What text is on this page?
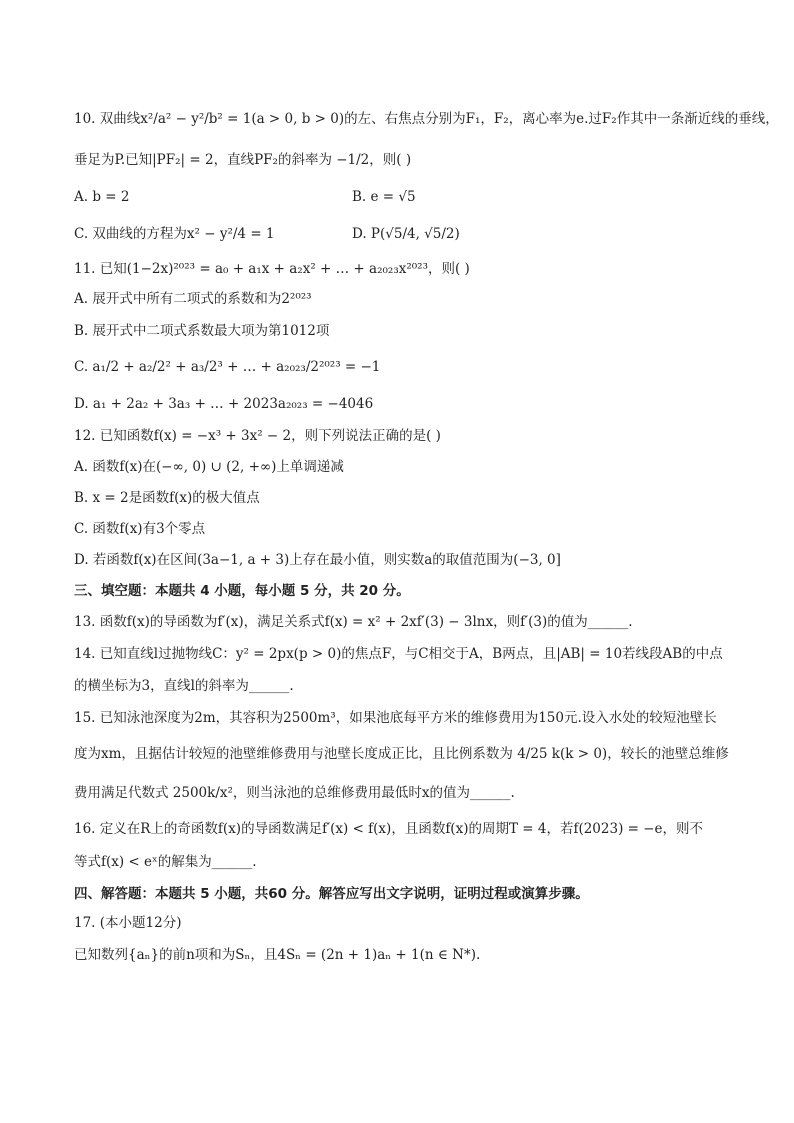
10. 双曲线x²/a² − y²/b² = 1(a > 0, b > 0)的左、右焦点分别为F₁，F₂，离心率为e.过F₂作其中一条渐近线的垂线，
垂足为P.已知|PF₂| = 2，直线PF₂的斜率为 −1/2，则( )
A. b = 2	B. e = √5
C. 双曲线的方程为x² − y²/4 = 1	D. P(√5/4, √5/2)
11. 已知(1−2x)²⁰²³ = a₀ + a₁x + a₂x² + … + a₂₀₂₃x²⁰²³，则( )
A. 展开式中所有二项式的系数和为2²⁰²³
B. 展开式中二项式系数最大项为第1012项
C. a₁/2 + a₂/2² + a₃/2³ + … + a₂₀₂₃/2²⁰²³ = −1
D. a₁ + 2a₂ + 3a₃ + … + 2023a₂₀₂₃ = −4046
12. 已知函数f(x) = −x³ + 3x² − 2，则下列说法正确的是( )
A. 函数f(x)在(−∞, 0) ∪ (2, +∞)上单调递减
B. x = 2是函数f(x)的极大值点
C. 函数f(x)有3个零点
D. 若函数f(x)在区间(3a−1, a + 3)上存在最小值，则实数a的取值范围为(−3, 0]
三、填空题：本题共 4 小题，每小题 5 分，共 20 分。
13. 函数f(x)的导函数为f′(x)，满足关系式f(x) = x² + 2xf′(3) − 3lnx，则f′(3)的值为______.
14. 已知直线l过抛物线C：y² = 2px(p > 0)的焦点F，与C相交于A，B两点，且|AB| = 10若线段AB的中点
的横坐标为3，直线l的斜率为______.
15. 已知泳池深度为2m，其容积为2500m³，如果池底每平方米的维修费用为150元.设入水处的较短池壁长
度为xm，且据估计较短的池壁维修费用与池壁长度成正比，且比例系数为 4/25 k(k > 0)，较长的池壁总维修
费用满足代数式 2500k/x²，则当泳池的总维修费用最低时x的值为______.
16. 定义在R上的奇函数f(x)的导函数满足f′(x) < f(x)，且函数f(x)的周期T = 4，若f(2023) = −e，则不
等式f(x) < eˣ的解集为______.
四、解答题：本题共 5 小题，共60 分。解答应写出文字说明，证明过程或演算步骤。
17. (本小题12分)
已知数列{aₙ}的前n项和为Sₙ，且4Sₙ = (2n + 1)aₙ + 1(n ∈ N*).
